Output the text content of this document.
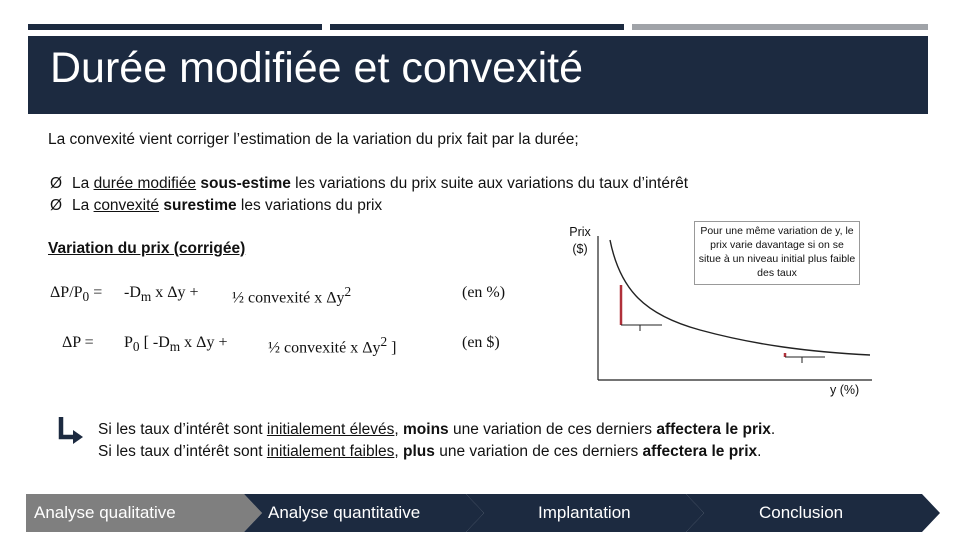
Durée modifiée et convexité
La convexité vient corriger l’estimation de la variation du prix fait par la durée;
Ø La durée modifiée sous-estime les variations du prix suite aux variations du taux d’intérêt
Ø La convexité surestime les variations du prix
Variation du prix (corrigée)
$\Delta P/P_0 = -D_m$ x Δy + ½ convexité x $\Delta y^2$	(en %)
$\Delta P = P_0$ [ $-D_m$ x Δy +	½ convexité x $\Delta y^2$ ]	(en $)
Prix
($)
Pour une même variation de y, le prix varie davantage si on se situe à un niveau initial plus faible des taux
y (%)
Si les taux d’intérêt sont initialement élevés, moins une variation de ces derniers affectera le prix.
Si les taux d’intérêt sont initialement faibles, plus une variation de ces derniers affectera le prix.
Analyse qualitative	Analyse quantitative	Implantation	Conclusion
